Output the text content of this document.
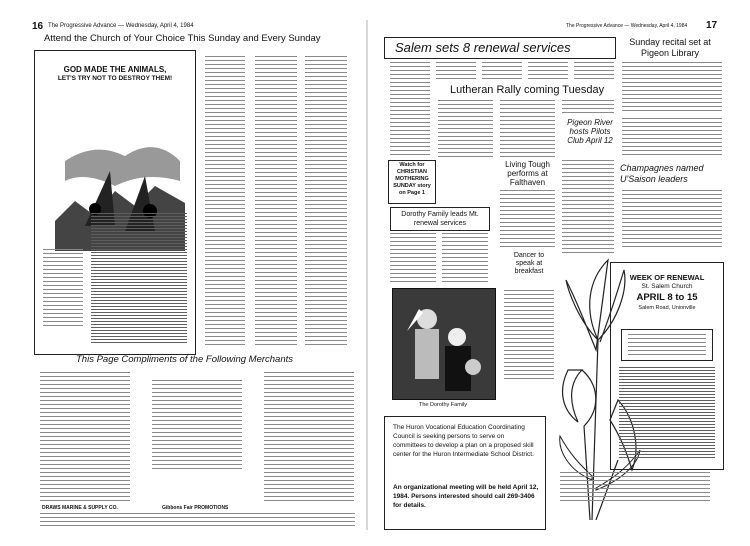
16 The Progressive Advance — Wednesday, April 4, 1984
Attend the Church of Your Choice This Sunday and Every Sunday
GOD MADE THE ANIMALS,
LET'S TRY NOT TO DESTROY THEM!
This Page Compliments of the Following Merchants
DRAWS MARINE & SUPPLY CO.	Gibbons Fair PROMOTIONS
The Progressive Advance — Wednesday, April 4, 1984 17
Salem sets 8 renewal services	Sunday recital set at Pigeon Library
Lutheran Rally coming Tuesday
Pigeon River hosts Pilots Club April 12
Living Tough performs at Falthaven
Watch for CHRISTIAN MOTHERING SUNDAY story on Page 1
Champagnes named U'Saison leaders
Dorothy Family leads Mt. renewal services
Dancer to speak at breakfast
The Dorothy Family
The Huron Vocational Education Coordinating Council is seeking persons to serve on committees to develop a plan on a proposed skill center for the Huron Intermediate School District.
An organizational meeting will be held April 12, 1984. Persons interested should call 269-3406 for details.
WEEK OF RENEWAL
St. Salem Church
APRIL 8 to 15
Salem Road, Unionville
